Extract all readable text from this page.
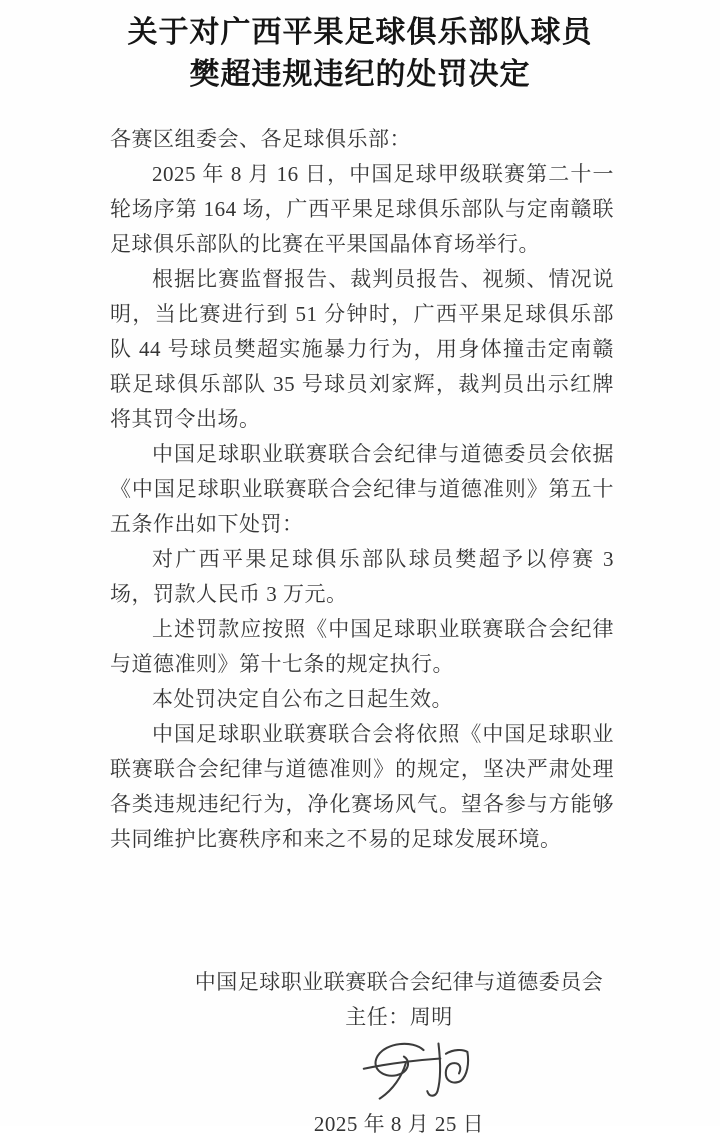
关于对广西平果足球俱乐部队球员
樊超违规违纪的处罚决定

各赛区组委会、各足球俱乐部：

2025 年 8 月 16 日，中国足球甲级联赛第二十一轮场序第 164 场，广西平果足球俱乐部队与定南赣联足球俱乐部队的比赛在平果国晶体育场举行。

根据比赛监督报告、裁判员报告、视频、情况说明，当比赛进行到 51 分钟时，广西平果足球俱乐部队 44 号球员樊超实施暴力行为，用身体撞击定南赣联足球俱乐部队 35 号球员刘家辉，裁判员出示红牌将其罚令出场。

中国足球职业联赛联合会纪律与道德委员会依据《中国足球职业联赛联合会纪律与道德准则》第五十五条作出如下处罚：

对广西平果足球俱乐部队球员樊超予以停赛 3 场，罚款人民币 3 万元。

上述罚款应按照《中国足球职业联赛联合会纪律与道德准则》第十七条的规定执行。

本处罚决定自公布之日起生效。

中国足球职业联赛联合会将依照《中国足球职业联赛联合会纪律与道德准则》的规定，坚决严肃处理各类违规违纪行为，净化赛场风气。望各参与方能够共同维护比赛秩序和来之不易的足球发展环境。

中国足球职业联赛联合会纪律与道德委员会

主任：周明

2025 年 8 月 25 日
